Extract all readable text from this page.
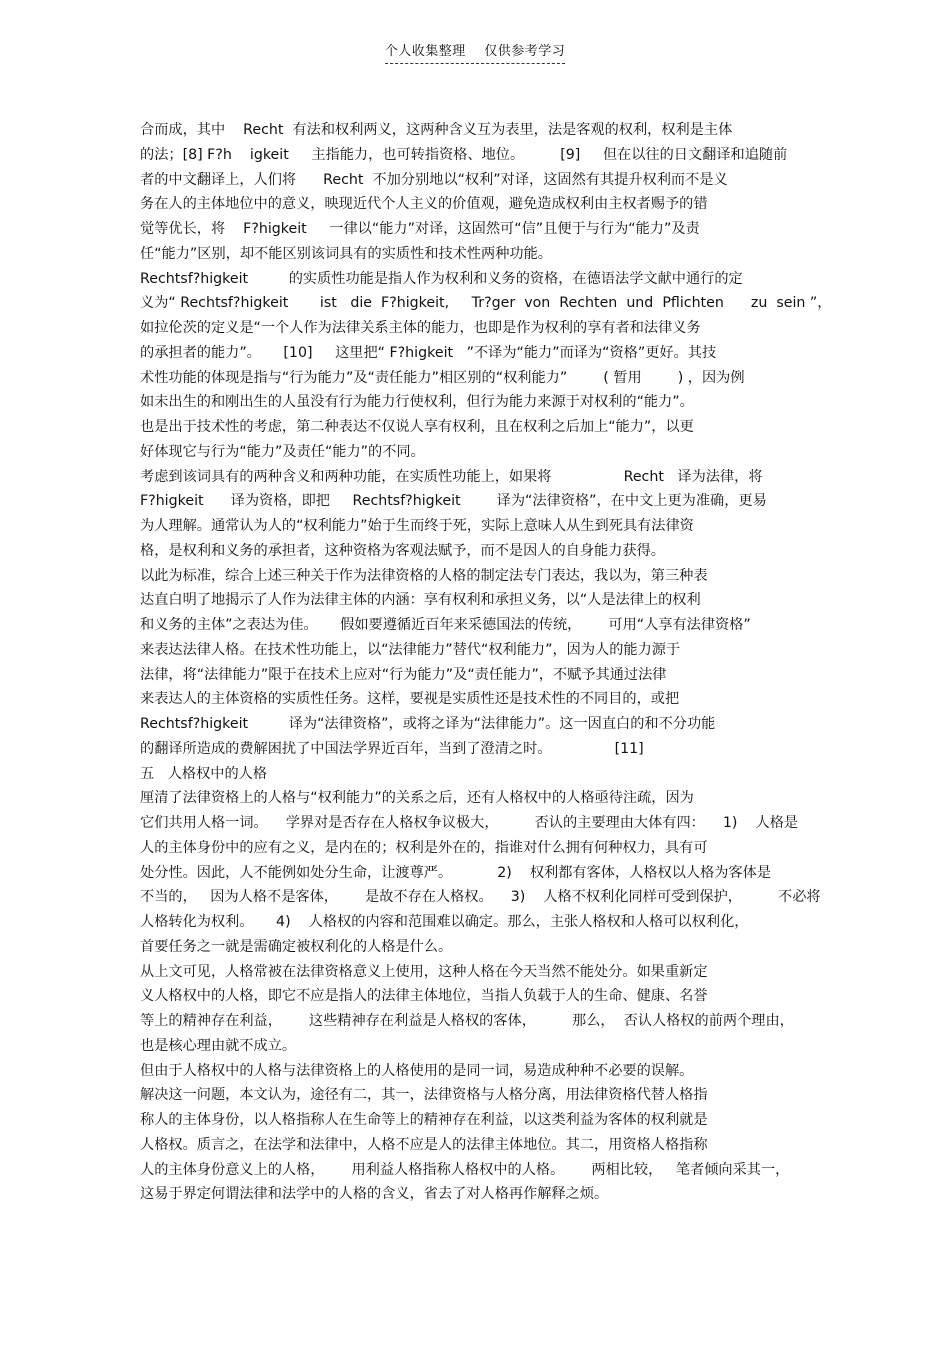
个人收集整理    仅供参考学习
合而成，其中    Recht  有法和权利两义，这两种含义互为表里，法是客观的权利，权利是主体
的法；[8] F?h    igkeit     主指能力，也可转指资格、地位。        [9]     但在以往的日文翻译和追随前
者的中文翻译上，人们将      Recht  不加分别地以“权利”对译，这固然有其提升权利而不是义
务在人的主体地位中的意义，映现近代个人主义的价值观，避免造成权利由主权者赐予的错
觉等优长，将    F?higkeit     一律以“能力”对译，这固然可“信”且便于与行为“能力”及责
任“能力”区别，却不能区别该词具有的实质性和技术性两种功能。
Rechtsf?higkeit         的实质性功能是指人作为权利和义务的资格，在德语法学文献中通行的定
义为“ Rechtsf?higkeit       ist   die  F?higkeit,     Tr?ger  von  Rechten  und  Pflichten      zu  sein ”，
如拉伦茨的定义是“一个人作为法律关系主体的能力，也即是作为权利的享有者和法律义务
的承担者的能力”。     [10]     这里把“ F?higkeit   ”不译为“能力”而译为“资格”更好。其技
术性功能的体现是指与“行为能力”及“责任能力”相区别的“权利能力”        ( 暂用        ) ，因为例
如未出生的和刚出生的人虽没有行为能力行使权利，但行为能力来源于对权利的“能力”。
也是出于技术性的考虑，第二种表达不仅说人享有权利，且在权利之后加上“能力”，以更
好体现它与行为“能力”及责任“能力”的不同。
考虑到该词具有的两种含义和两种功能，在实质性功能上，如果将                Recht   译为法律，将
F?higkeit      译为资格，即把     Rechtsf?higkeit        译为“法律资格”，在中文上更为准确，更易
为人理解。通常认为人的“权利能力”始于生而终于死，实际上意味人从生到死具有法律资
格，是权利和义务的承担者，这种资格为客观法赋予，而不是因人的自身能力获得。
以此为标准，综合上述三种关于作为法律资格的人格的制定法专门表达，我以为，第三种表
达直白明了地揭示了人作为法律主体的内涵：享有权利和承担义务，以“人是法律上的权利
和义务的主体”之表达为佳。     假如要遵循近百年来采德国法的传统，      可用“人享有法律资格”
来表达法律人格。在技术性功能上，以“法律能力”替代“权利能力”，因为人的能力源于
法律，将“法律能力”限于在技术上应对“行为能力”及“责任能力”，不赋予其通过法律
来表达人的主体资格的实质性任务。这样，要视是实质性还是技术性的不同目的，或把
Rechtsf?higkeit         译为“法律资格”，或将之译为“法律能力”。这一因直白的和不分功能
的翻译所造成的费解困扰了中国法学界近百年，当到了澄清之时。              [11]
五   人格权中的人格
厘清了法律资格上的人格与“权利能力”的关系之后，还有人格权中的人格亟待注疏，因为
它们共用人格一词。    学界对是否存在人格权争议极大，        否认的主要理由大体有四：    1)    人格是
人的主体身份中的应有之义，是内在的；权利是外在的，指谁对什么拥有何种权力，具有可
处分性。因此，人不能例如处分生命，让渡尊严。          2)    权利都有客体，人格权以人格为客体是
不当的，   因为人格不是客体，      是故不存在人格权。    3)    人格不权利化同样可受到保护，        不必将
人格转化为权利。     4)    人格权的内容和范围难以确定。那么，主张人格权和人格可以权利化，
首要任务之一就是需确定被权利化的人格是什么。
从上文可见，人格常被在法律资格意义上使用，这种人格在今天当然不能处分。如果重新定
义人格权中的人格，即它不应是指人的法律主体地位，当指人负载于人的生命、健康、名誉
等上的精神存在利益，      这些精神存在利益是人格权的客体，        那么，  否认人格权的前两个理由，
也是核心理由就不成立。
但由于人格权中的人格与法律资格上的人格使用的是同一词，易造成种种不必要的误解。
解决这一问题，本文认为，途径有二，其一，法律资格与人格分离，用法律资格代替人格指
称人的主体身份，以人格指称人在生命等上的精神存在利益，以这类利益为客体的权利就是
人格权。质言之，在法学和法律中，人格不应是人的法律主体地位。其二，用资格人格指称
人的主体身份意义上的人格，      用利益人格指称人格权中的人格。      两相比较，   笔者倾向采其一，
这易于界定何谓法律和法学中的人格的含义，省去了对人格再作解释之烦。
